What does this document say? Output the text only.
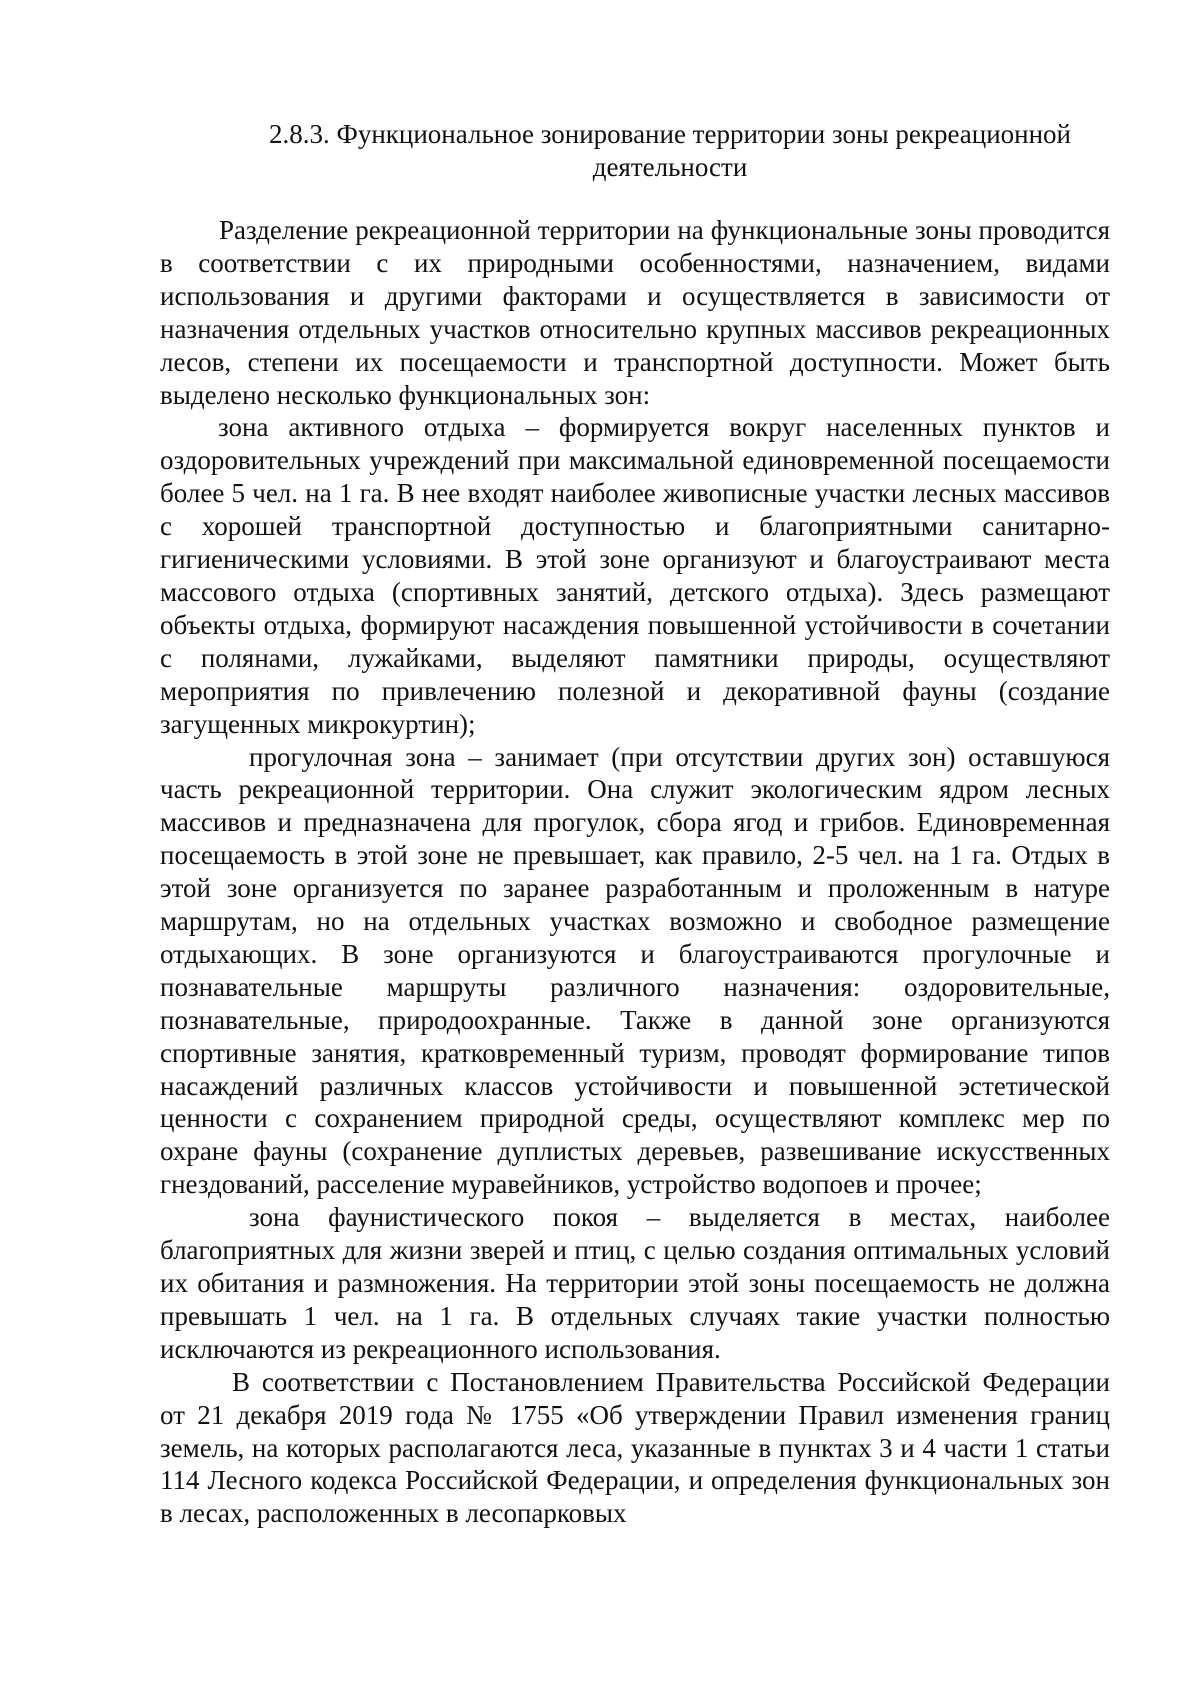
2.8.3. Функциональное зонирование территории зоны рекреационной
деятельности

Разделение рекреационной территории на функциональные зоны проводится в соответствии с их природными особенностями, назначением, видами использования и другими факторами и осуществляется в зависимости от назначения отдельных участков относительно крупных массивов рекреационных лесов, степени их посещаемости и транспортной доступности. Может быть выделено несколько функциональных зон:

зона активного отдыха – формируется вокруг населенных пунктов и оздоровительных учреждений при максимальной единовременной посещаемости более 5 чел. на 1 га. В нее входят наиболее живописные участки лесных массивов с хорошей транспортной доступностью и благоприятными санитарно-гигиеническими условиями. В этой зоне организуют и благоустраивают места массового отдыха (спортивных занятий, детского отдыха). Здесь размещают объекты отдыха, формируют насаждения повышенной устойчивости в сочетании с полянами, лужайками, выделяют памятники природы, осуществляют мероприятия по привлечению полезной и декоративной фауны (создание загущенных микрокуртин);

прогулочная зона – занимает (при отсутствии других зон) оставшуюся часть рекреационной территории. Она служит экологическим ядром лесных массивов и предназначена для прогулок, сбора ягод и грибов. Единовременная посещаемость в этой зоне не превышает, как правило, 2-5 чел. на 1 га. Отдых в этой зоне организуется по заранее разработанным и проложенным в натуре маршрутам, но на отдельных участках возможно и свободное размещение отдыхающих. В зоне организуются и благоустраиваются прогулочные и познавательные маршруты различного назначения: оздоровительные, познавательные, природоохранные. Также в данной зоне организуются спортивные занятия, кратковременный туризм, проводят формирование типов насаждений различных классов устойчивости и повышенной эстетической ценности с сохранением природной среды, осуществляют комплекс мер по охране фауны (сохранение дуплистых деревьев, развешивание искусственных гнездований, расселение муравейников, устройство водопоев и прочее;

зона фаунистического покоя – выделяется в местах, наиболее благоприятных для жизни зверей и птиц, с целью создания оптимальных условий их обитания и размножения. На территории этой зоны посещаемость не должна превышать 1 чел. на 1 га. В отдельных случаях такие участки полностью исключаются из рекреационного использования.

В соответствии с Постановлением Правительства Российской Федерации от 21 декабря 2019 года № 1755 «Об утверждении Правил изменения границ земель, на которых располагаются леса, указанные в пунктах 3 и 4 части 1 статьи 114 Лесного кодекса Российской Федерации, и определения функциональных зон в лесах, расположенных в лесопарковых
